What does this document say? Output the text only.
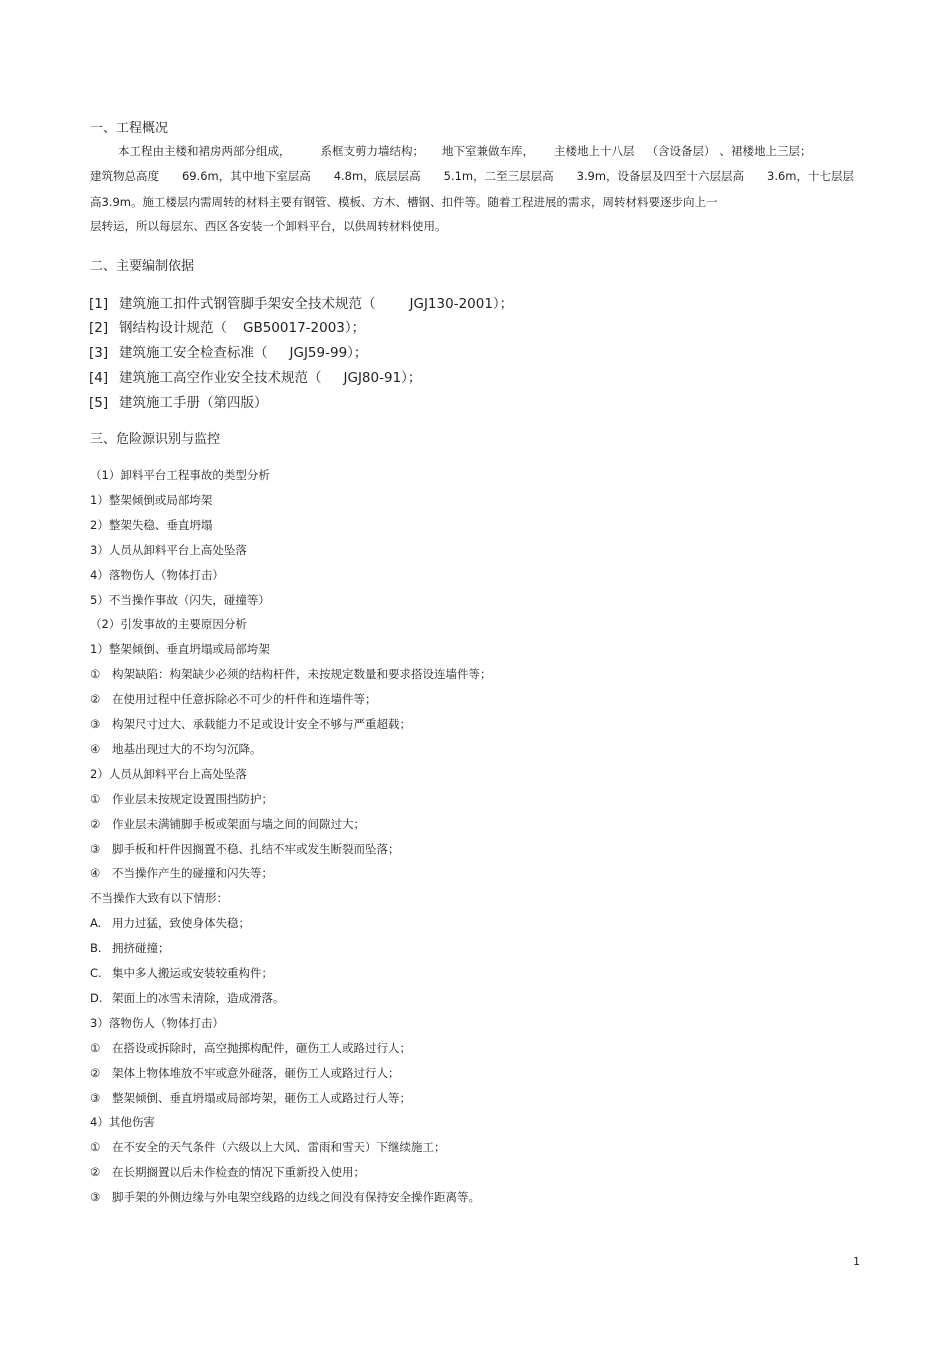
一、工程概况
本工程由主楼和裙房两部分组成，	系框支剪力墙结构； 地下室兼做车库， 主楼地上十八层 （含设备层） 、裙楼地上三层；
建筑物总高度 69.6m，其中地下室层高 4.8m，底层层高 5.1m，二至三层层高 3.9m，设备层及四至十六层层高 3.6m，十七层层
高3.9m。施工楼层内需周转的材料主要有钢管、模板、方木、槽钢、扣件等。随着工程进展的需求，周转材料要逐步向上一
层转运，所以每层东、西区各安装一个卸料平台，以供周转材料使用。
二、主要编制依据
[1] 建筑施工扣件式钢管脚手架安全技术规范（	JGJ130-2001）；
[2] 钢结构设计规范（ GB50017-2003）；
[3] 建筑施工安全检查标准（ JGJ59-99）；
[4] 建筑施工高空作业安全技术规范（ JGJ80-91）；
[5] 建筑施工手册（第四版）
三、危险源识别与监控
（1）卸料平台工程事故的类型分析
1）整架倾倒或局部垮架
2）整架失稳、垂直坍塌
3）人员从卸料平台上高处坠落
4）落物伤人（物体打击）
5）不当操作事故（闪失，碰撞等）
（2）引发事故的主要原因分析
1）整架倾倒、垂直坍塌或局部垮架
① 构架缺陷：构架缺少必须的结构杆件，未按规定数量和要求搭设连墙件等；
② 在使用过程中任意拆除必不可少的杆件和连墙件等；
③ 构架尺寸过大、承载能力不足或设计安全不够与严重超载；
④ 地基出现过大的不均匀沉降。
2）人员从卸料平台上高处坠落
① 作业层未按规定设置围挡防护；
② 作业层未满铺脚手板或架面与墙之间的间隙过大；
③ 脚手板和杆件因搁置不稳、扎结不牢或发生断裂而坠落；
④ 不当操作产生的碰撞和闪失等；
不当操作大致有以下情形：
A. 用力过猛，致使身体失稳；
B. 拥挤碰撞；
C. 集中多人搬运或安装较重构件；
D. 架面上的冰雪未清除，造成滑落。
3）落物伤人（物体打击）
① 在搭设或拆除时，高空抛掷构配件，砸伤工人或路过行人；
② 架体上物体堆放不牢或意外碰落，砸伤工人或路过行人；
③ 整架倾倒、垂直坍塌或局部垮架，砸伤工人或路过行人等；
4）其他伤害
① 在不安全的天气条件（六级以上大风、雷雨和雪天）下继续施工；
② 在长期搁置以后未作检查的情况下重新投入使用；
③ 脚手架的外侧边缘与外电架空线路的边线之间没有保持安全操作距离等。
1
